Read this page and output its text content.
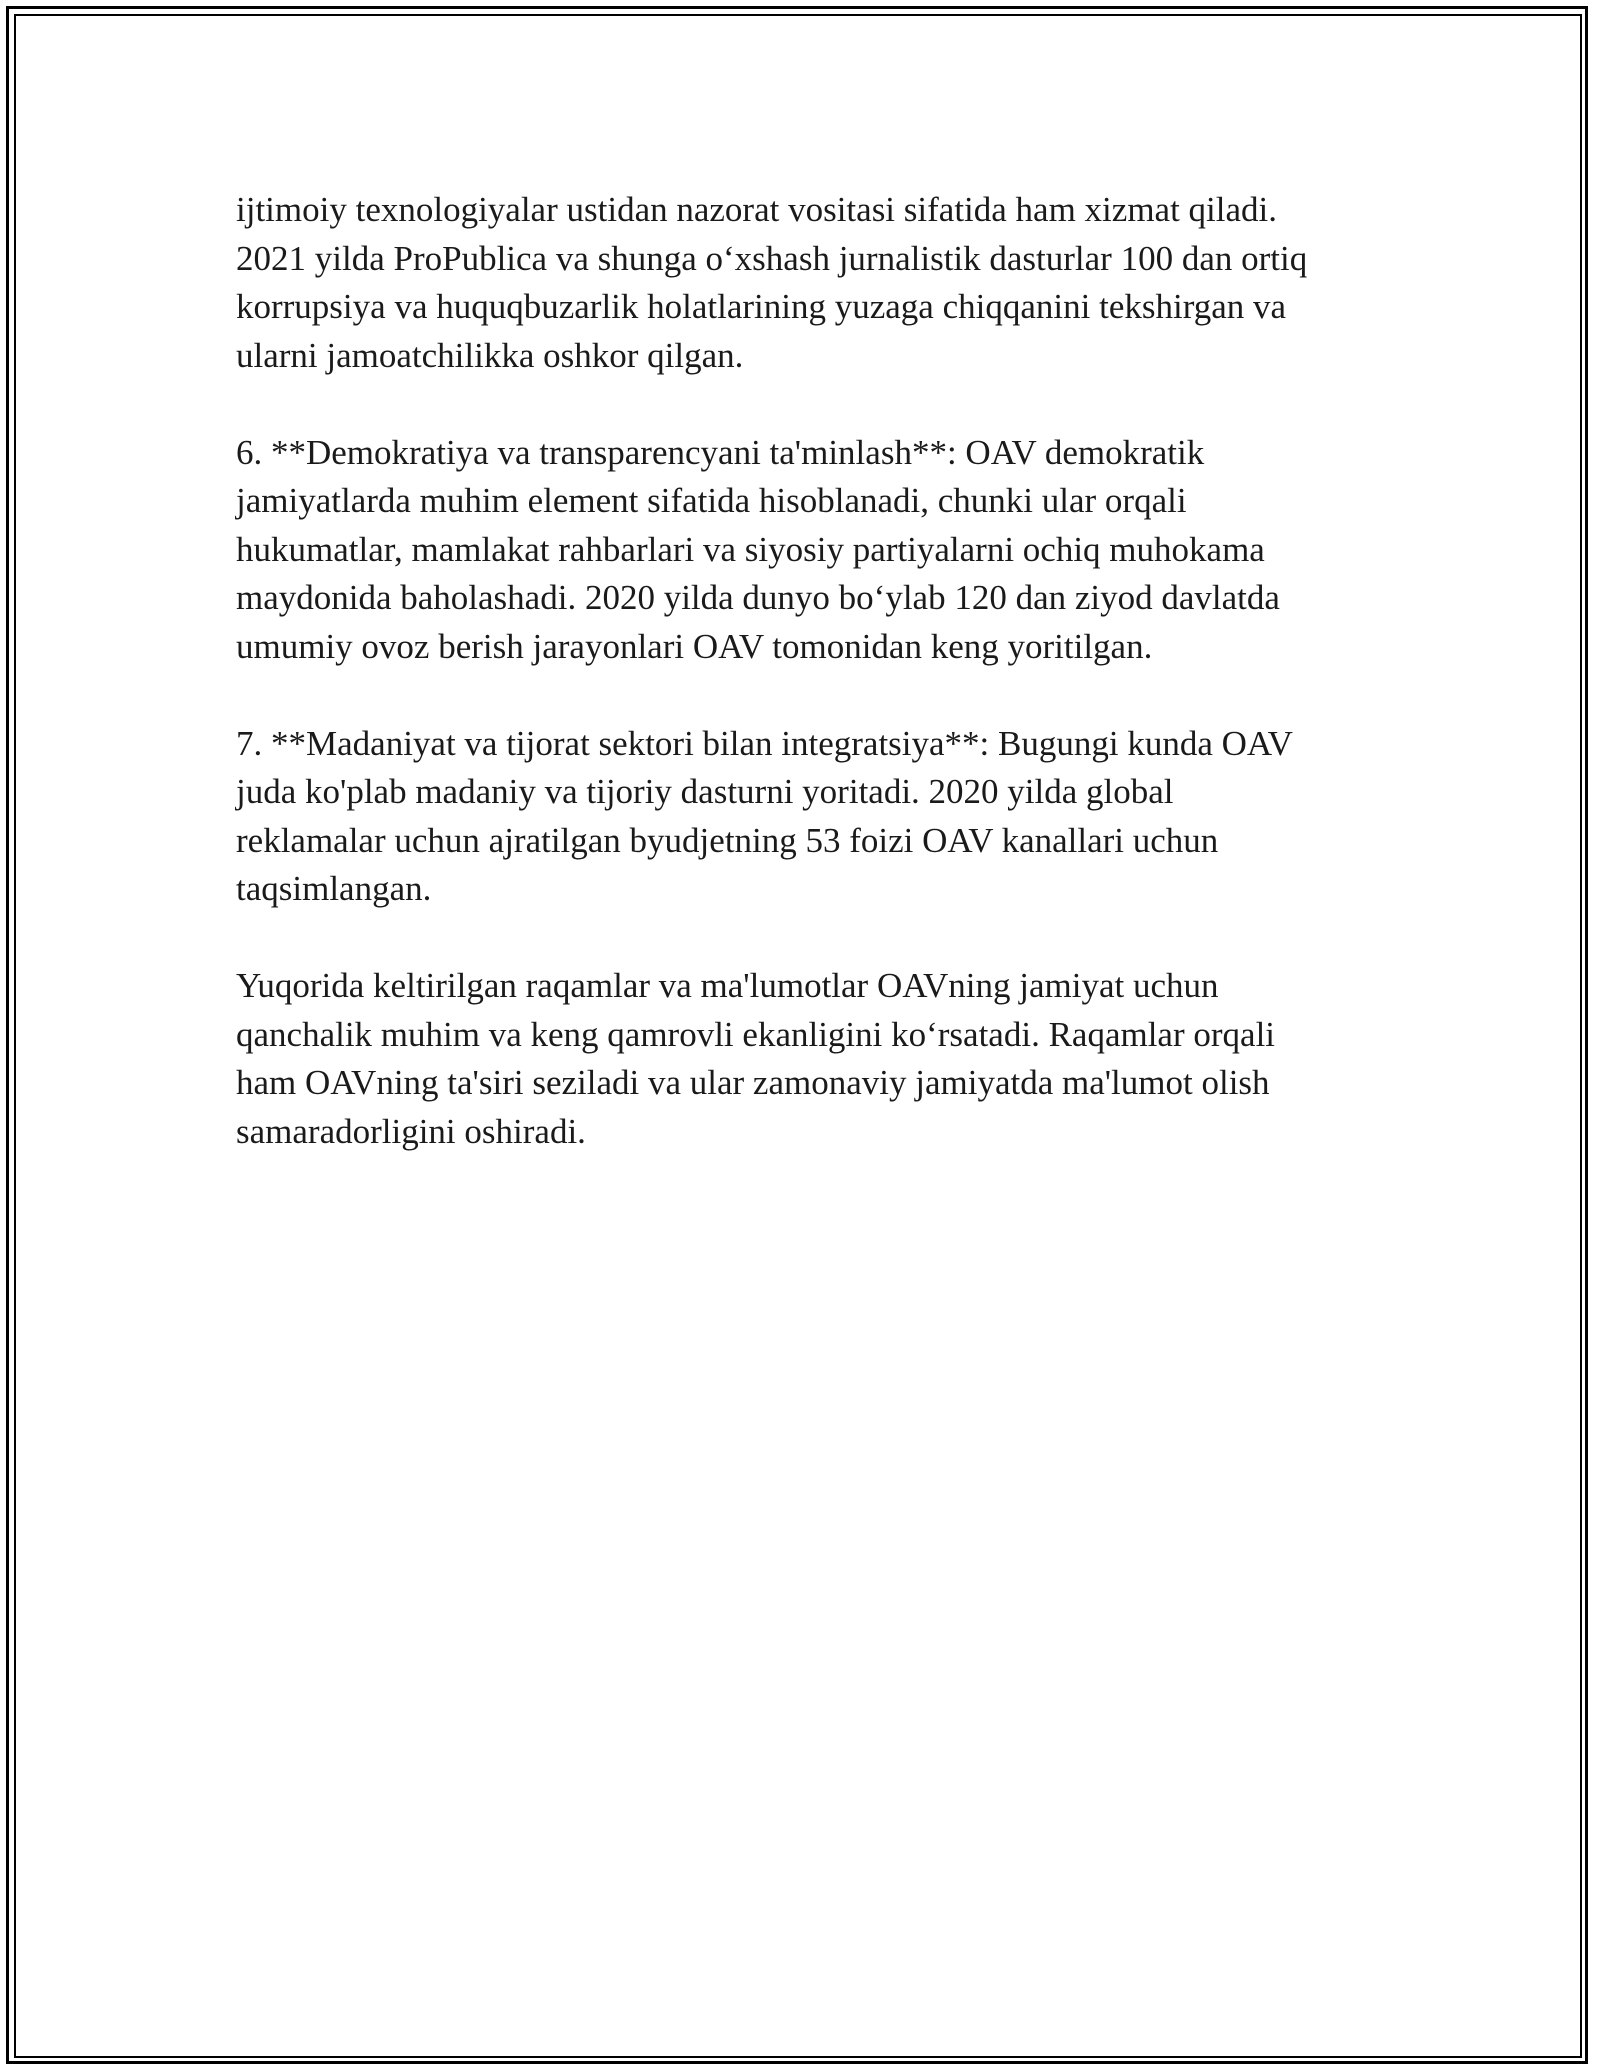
ijtimoiy texnologiyalar ustidan nazorat vositasi sifatida ham xizmat qiladi.
2021 yilda ProPublica va shunga o‘xshash jurnalistik dasturlar 100 dan ortiq
korrupsiya va huquqbuzarlik holatlarining yuzaga chiqqanini tekshirgan va
ularni jamoatchilikka oshkor qilgan.

6. **Demokratiya va transparencyani ta'minlash**: OAV demokratik
jamiyatlarda muhim element sifatida hisoblanadi, chunki ular orqali
hukumatlar, mamlakat rahbarlari va siyosiy partiyalarni ochiq muhokama
maydonida baholashadi. 2020 yilda dunyo bo‘ylab 120 dan ziyod davlatda
umumiy ovoz berish jarayonlari OAV tomonidan keng yoritilgan.

7. **Madaniyat va tijorat sektori bilan integratsiya**: Bugungi kunda OAV
juda ko'plab madaniy va tijoriy dasturni yoritadi. 2020 yilda global
reklamalar uchun ajratilgan byudjetning 53 foizi OAV kanallari uchun
taqsimlangan.

Yuqorida keltirilgan raqamlar va ma'lumotlar OAVning jamiyat uchun
qanchalik muhim va keng qamrovli ekanligini ko‘rsatadi. Raqamlar orqali
ham OAVning ta'siri seziladi va ular zamonaviy jamiyatda ma'lumot olish
samaradorligini oshiradi.
